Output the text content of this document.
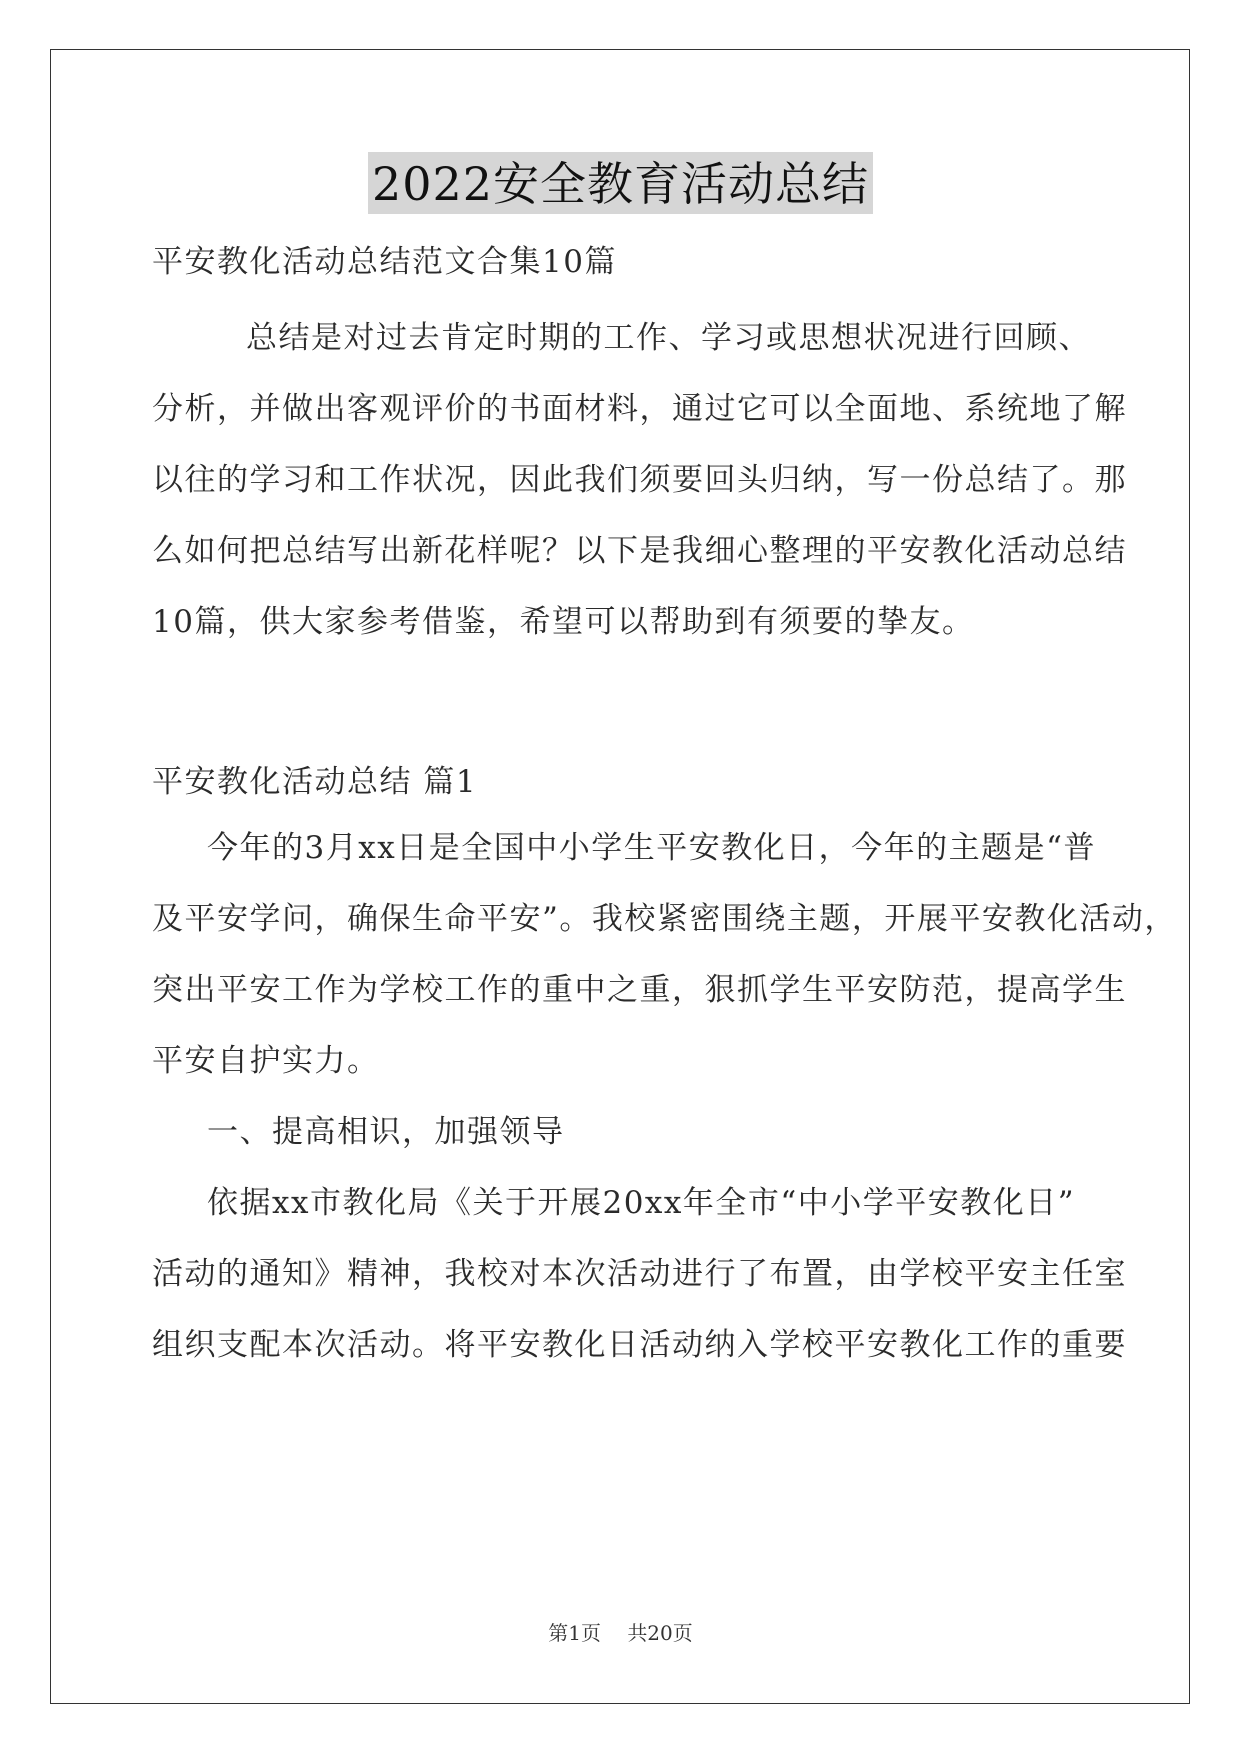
2022安全教育活动总结
平安教化活动总结范文合集10篇
总结是对过去肯定时期的工作、学习或思想状况进行回顾、
分析，并做出客观评价的书面材料，通过它可以全面地、系统地了解
以往的学习和工作状况，因此我们须要回头归纳，写一份总结了。那
么如何把总结写出新花样呢？以下是我细心整理的平安教化活动总结
10篇，供大家参考借鉴，希望可以帮助到有须要的挚友。
平安教化活动总结 篇1
今年的3月xx日是全国中小学生平安教化日，今年的主题是“普
及平安学问，确保生命平安”。我校紧密围绕主题，开展平安教化活动，
突出平安工作为学校工作的重中之重，狠抓学生平安防范，提高学生
平安自护实力。
一、提高相识，加强领导
依据xx市教化局《关于开展20xx年全市“中小学平安教化日”
活动的通知》精神，我校对本次活动进行了布置，由学校平安主任室
组织支配本次活动。将平安教化日活动纳入学校平安教化工作的重要
第1页 共20页
